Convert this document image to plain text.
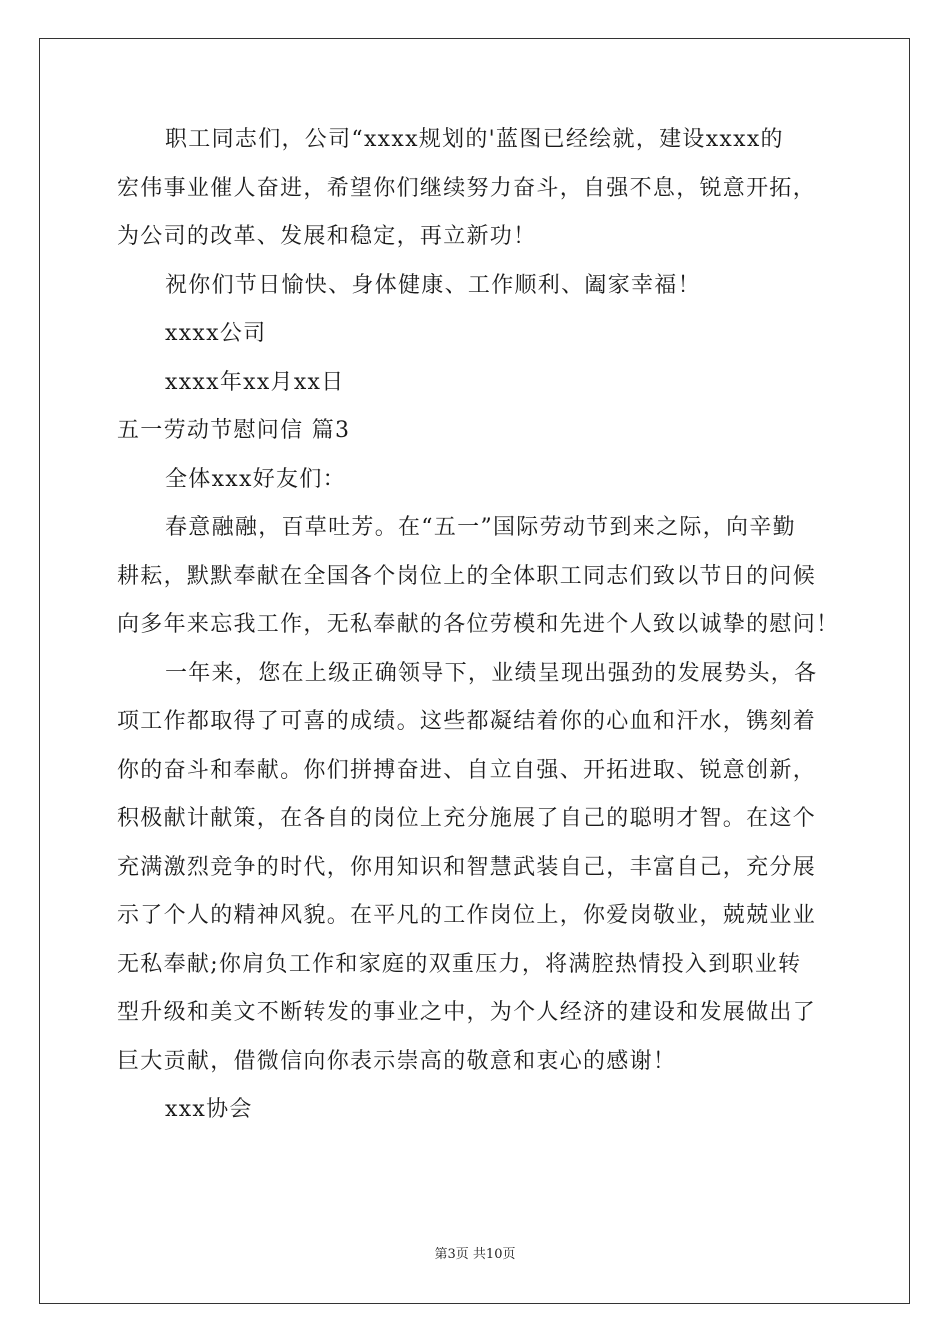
职工同志们，公司“xxxx规划的'蓝图已经绘就，建设xxxx的
宏伟事业催人奋进，希望你们继续努力奋斗，自强不息，锐意开拓，
为公司的改革、发展和稳定，再立新功！
祝你们节日愉快、身体健康、工作顺利、阖家幸福！
xxxx公司
xxxx年xx月xx日
五一劳动节慰问信 篇3
全体xxx好友们：
春意融融，百草吐芳。在“五一”国际劳动节到来之际，向辛勤
耕耘，默默奉献在全国各个岗位上的全体职工同志们致以节日的问候
向多年来忘我工作，无私奉献的各位劳模和先进个人致以诚挚的慰问！
一年来，您在上级正确领导下，业绩呈现出强劲的发展势头，各
项工作都取得了可喜的成绩。这些都凝结着你的心血和汗水，镌刻着
你的奋斗和奉献。你们拼搏奋进、自立自强、开拓进取、锐意创新，
积极献计献策，在各自的岗位上充分施展了自己的聪明才智。在这个
充满激烈竞争的时代，你用知识和智慧武装自己，丰富自己，充分展
示了个人的精神风貌。在平凡的工作岗位上，你爱岗敬业，兢兢业业
无私奉献;你肩负工作和家庭的双重压力，将满腔热情投入到职业转
型升级和美文不断转发的事业之中，为个人经济的建设和发展做出了
巨大贡献，借微信向你表示崇高的敬意和衷心的感谢！
xxx协会
第3页 共10页
